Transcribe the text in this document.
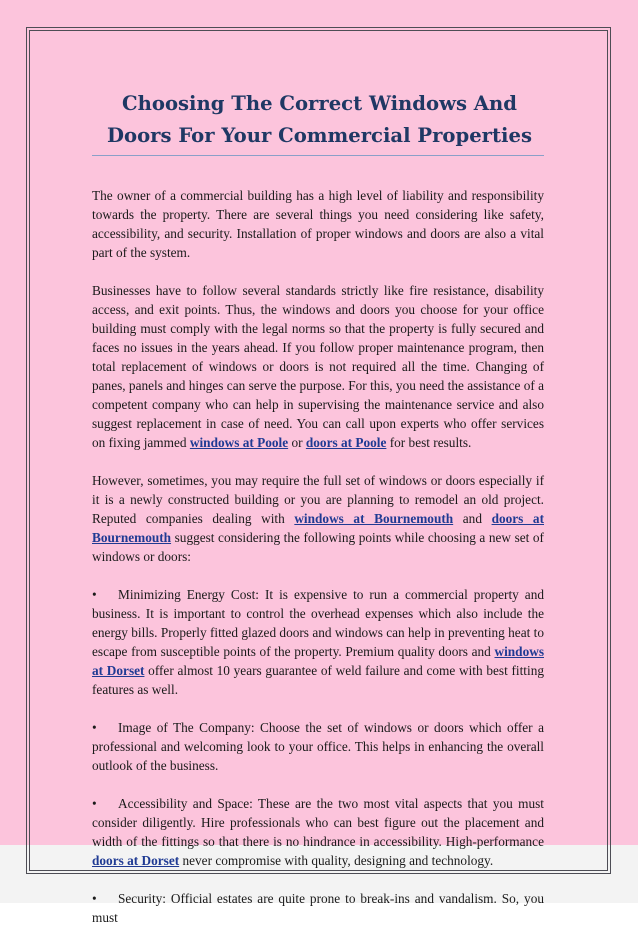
Choosing The Correct Windows And Doors For Your Commercial Properties

The owner of a commercial building has a high level of liability and responsibility towards the property. There are several things you need considering like safety, accessibility, and security. Installation of proper windows and doors are also a vital part of the system.

Businesses have to follow several standards strictly like fire resistance, disability access, and exit points. Thus, the windows and doors you choose for your office building must comply with the legal norms so that the property is fully secured and faces no issues in the years ahead. If you follow proper maintenance program, then total replacement of windows or doors is not required all the time. Changing of panes, panels and hinges can serve the purpose. For this, you need the assistance of a competent company who can help in supervising the maintenance service and also suggest replacement in case of need. You can call upon experts who offer services on fixing jammed windows at Poole or doors at Poole for best results.

However, sometimes, you may require the full set of windows or doors especially if it is a newly constructed building or you are planning to remodel an old project. Reputed companies dealing with windows at Bournemouth and doors at Bournemouth suggest considering the following points while choosing a new set of windows or doors:

• Minimizing Energy Cost: It is expensive to run a commercial property and business. It is important to control the overhead expenses which also include the energy bills. Properly fitted glazed doors and windows can help in preventing heat to escape from susceptible points of the property. Premium quality doors and windows at Dorset offer almost 10 years guarantee of weld failure and come with best fitting features as well.

• Image of The Company: Choose the set of windows or doors which offer a professional and welcoming look to your office. This helps in enhancing the overall outlook of the business.

• Accessibility and Space: These are the two most vital aspects that you must consider diligently. Hire professionals who can best figure out the placement and width of the fittings so that there is no hindrance in accessibility. High-performance doors at Dorset never compromise with quality, designing and technology.

• Security: Official estates are quite prone to break-ins and vandalism. So, you must
